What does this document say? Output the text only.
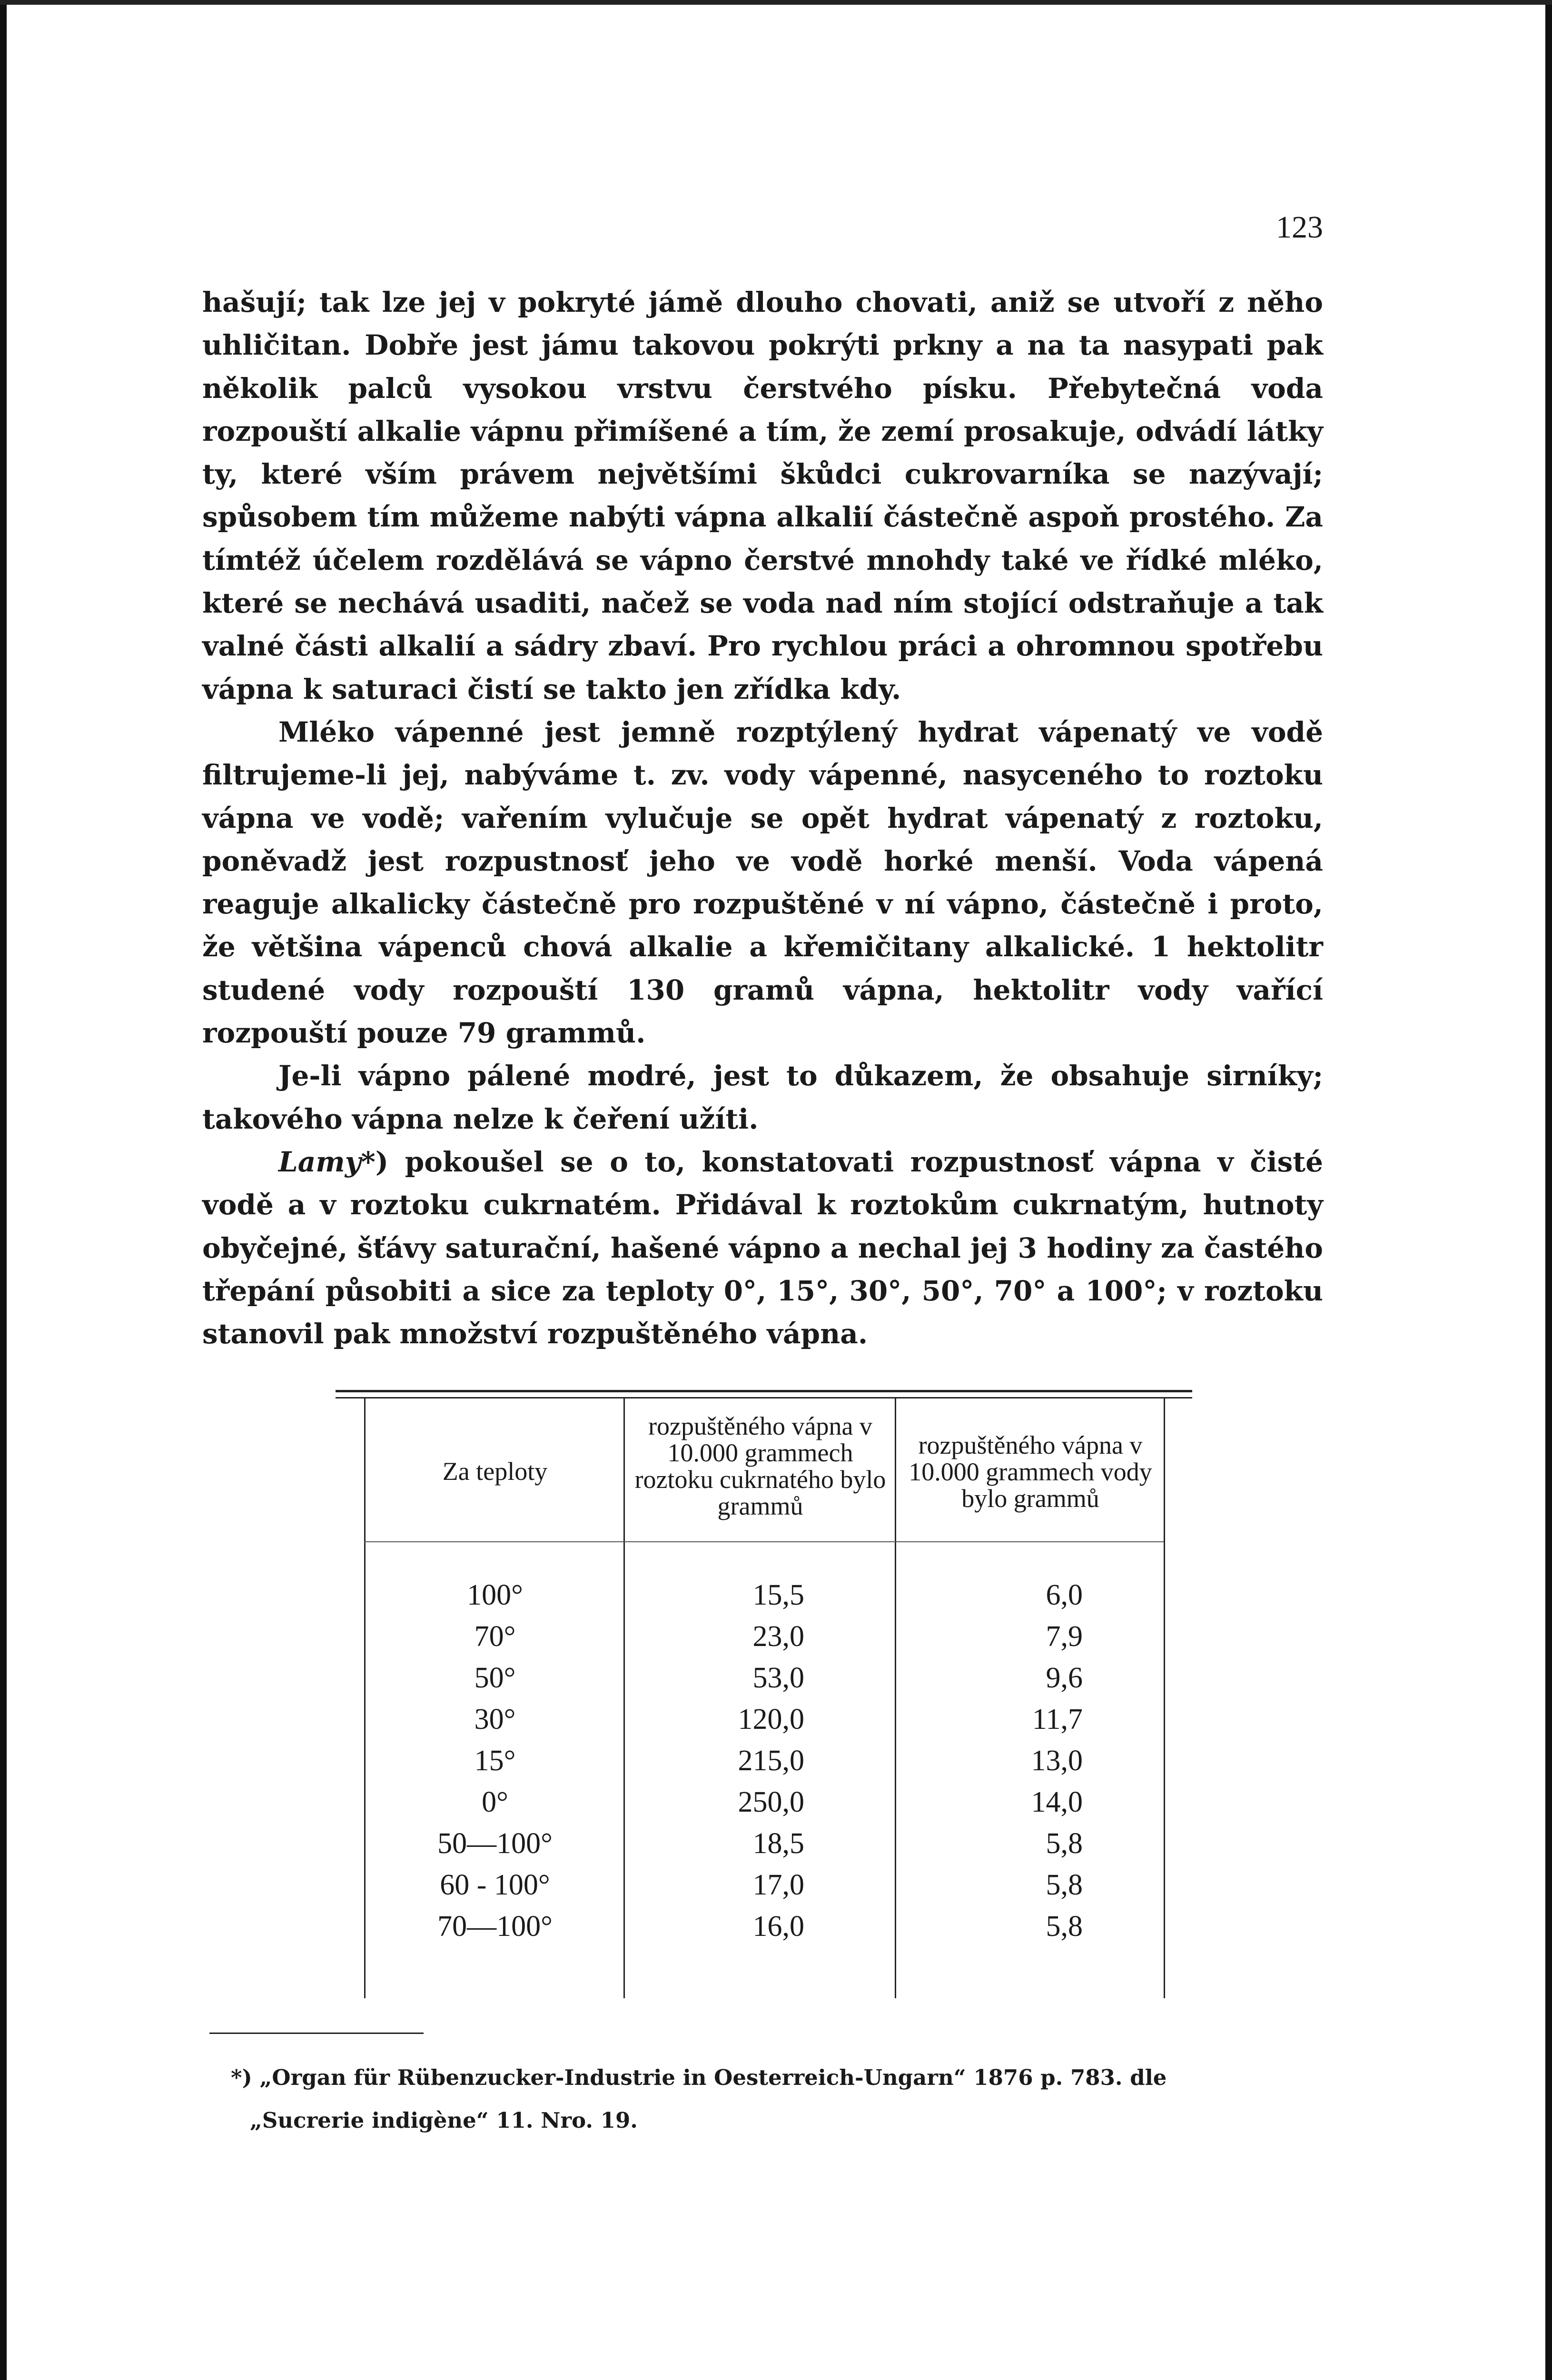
123

hašují; tak lze jej v pokryté jámě dlouho chovati, aniž se utvoří z něho uhličitan. Dobře jest jámu takovou pokrýti prkny a na ta nasypati pak několik palců vysokou vrstvu čerstvého písku. Přebytečná voda rozpouští alkalie vápnu přimíšené a tím, že zemí prosakuje, odvádí látky ty, které vším právem největšími škůdci cukrovarníka se nazývají; spůsobem tím můžeme nabýti vápna alkalií částečně aspoň prostého. Za tímtéž účelem rozdělává se vápno čerstvé mnohdy také ve řídké mléko, které se nechává usaditi, načež se voda nad ním stojící odstraňuje a tak valné části alkalií a sádry zbaví. Pro rychlou práci a ohromnou spotřebu vápna k saturaci čistí se takto jen zřídka kdy.

Mléko vápenné jest jemně rozptýlený hydrat vápenatý ve vodě filtrujeme-li jej, nabýváme t. zv. vody vápenné, nasyceného to roztoku vápna ve vodě; vařením vylučuje se opět hydrat vápenatý z roztoku, poněvadž jest rozpustnosť jeho ve vodě horké menší. Voda vápená reaguje alkalicky částečně pro rozpuštěné v ní vápno, částečně i proto, že většina vápenců chová alkalie a křemičitany alkalické. 1 hektolitr studené vody rozpouští 130 gramů vápna, hektolitr vody vařící rozpouští pouze 79 grammů.

Je-li vápno pálené modré, jest to důkazem, že obsahuje sirníky; takového vápna nelze k čeření užíti.

Lamy*) pokoušel se o to, konstatovati rozpustnosť vápna v čisté vodě a v roztoku cukrnatém. Přidával k roztokům cukrnatým, hutnoty obyčejné, šťávy saturační, hašené vápno a nechal jej 3 hodiny za častého třepání působiti a sice za teploty 0°, 15°, 30°, 50°, 70° a 100°; v roztoku stanovil pak množství rozpuštěného vápna.

Za teploty
rozpuštěného vápna v 10.000 grammech roztoku cukrnatého bylo grammů
rozpuštěného vápna v 10.000 grammech vody bylo grammů
100°
70°
50°
30°
15°
0°
50—100°
60 - 100°
70—100°
15,5
23,0
53,0
120,0
215,0
250,0
18,5
17,0
16,0
6,0
7,9
9,6
11,7
13,0
14,0
5,8
5,8
5,8

*) „Organ für Rübenzucker-Industrie in Oesterreich-Ungarn“ 1876 p. 783. dle

„Sucrerie indigène“ 11. Nro. 19.
